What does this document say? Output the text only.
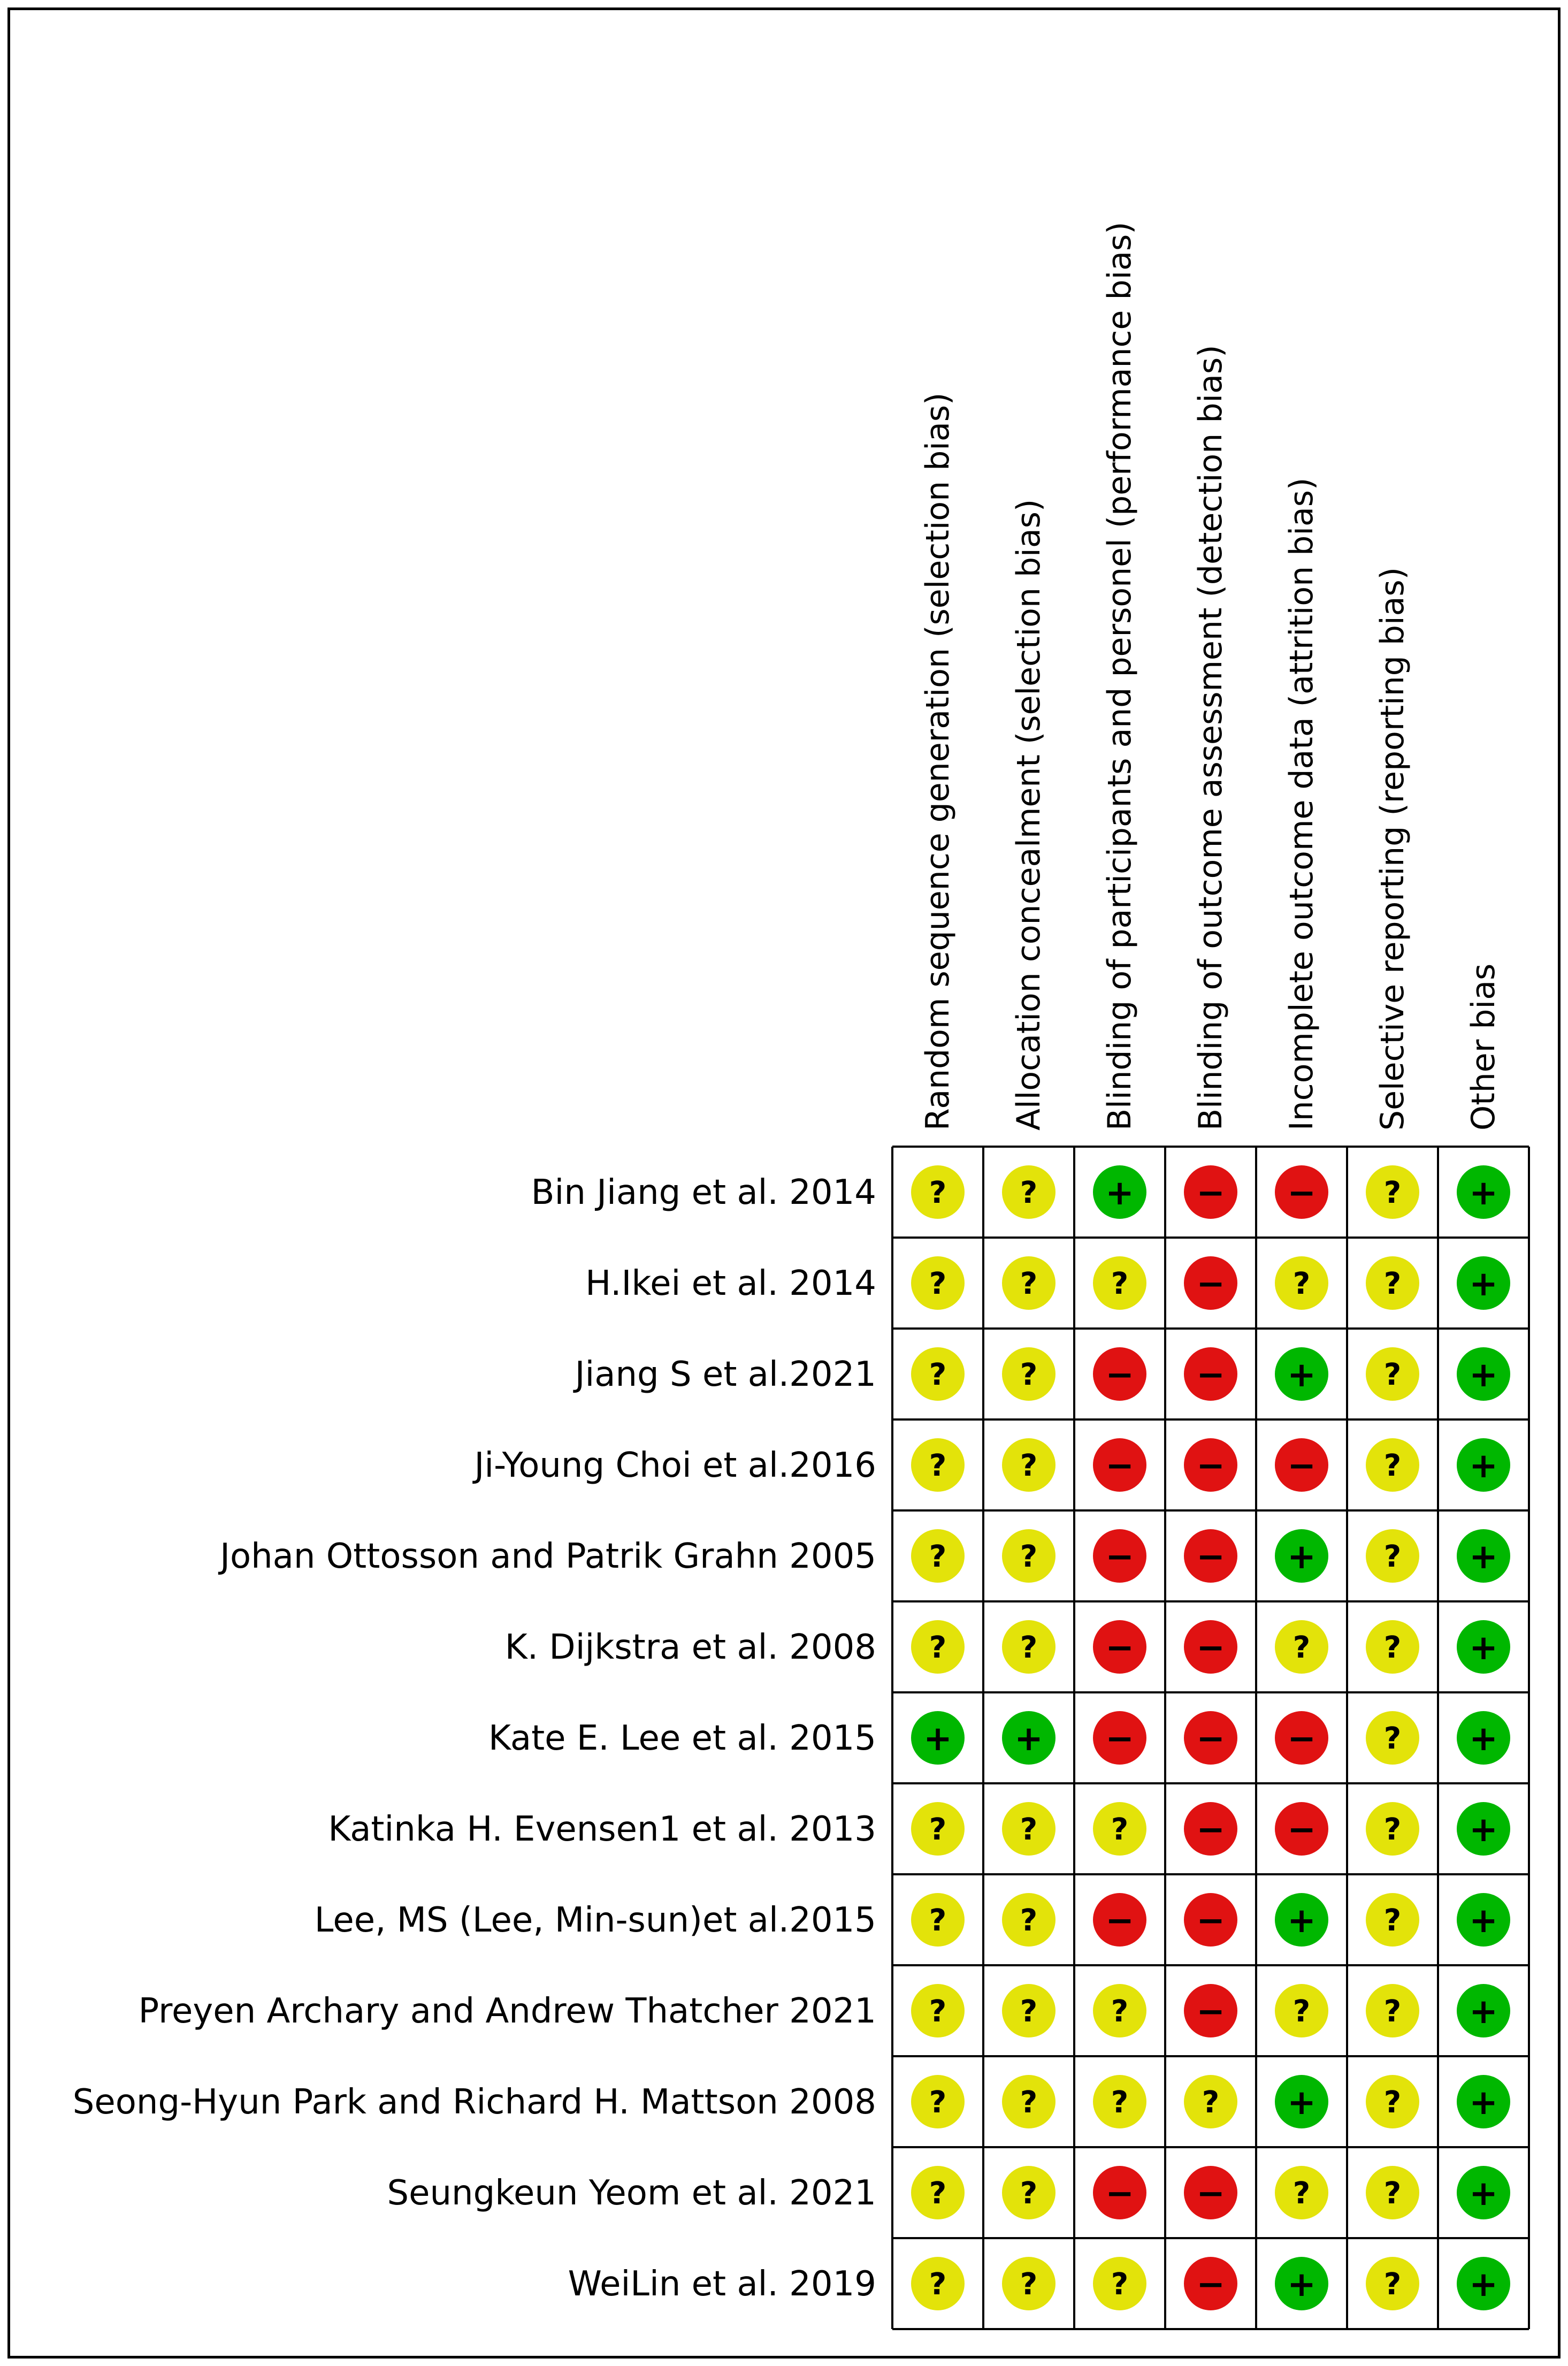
Random sequence generation (selection bias) Allocation concealment (selection bias) Blinding of participants and personel (performance bias) Blinding of outcome assessment (detection bias) Incomplete outcome data (attrition bias) Selective reporting (reporting bias) Other bias
Bin Jiang et al. 2014
H.Ikei et al. 2014
Jiang S et al.2021
Ji-Young Choi et al.2016
Johan Ottosson and Patrik Grahn 2005
K. Dijkstra et al. 2008
Kate E. Lee et al. 2015
Katinka H. Evensen1 et al. 2013
Lee, MS (Lee, Min-sun)et al.2015
Preyen Archary and Andrew Thatcher 2021
Seong-Hyun Park and Richard H. Mattson 2008
Seungkeun Yeom et al. 2021
WeiLin et al. 2019
? ? + − − ? +
? ? ? − ? ? +
? ? − − + ? +
? ? − − − ? +
? ? − − + ? +
? ? − − ? ? +
+ + − − − ? +
? ? ? − − ? +
? ? − − + ? +
? ? ? − ? ? +
? ? ? ? + ? +
? ? − − ? ? +
? ? ? − + ? +
